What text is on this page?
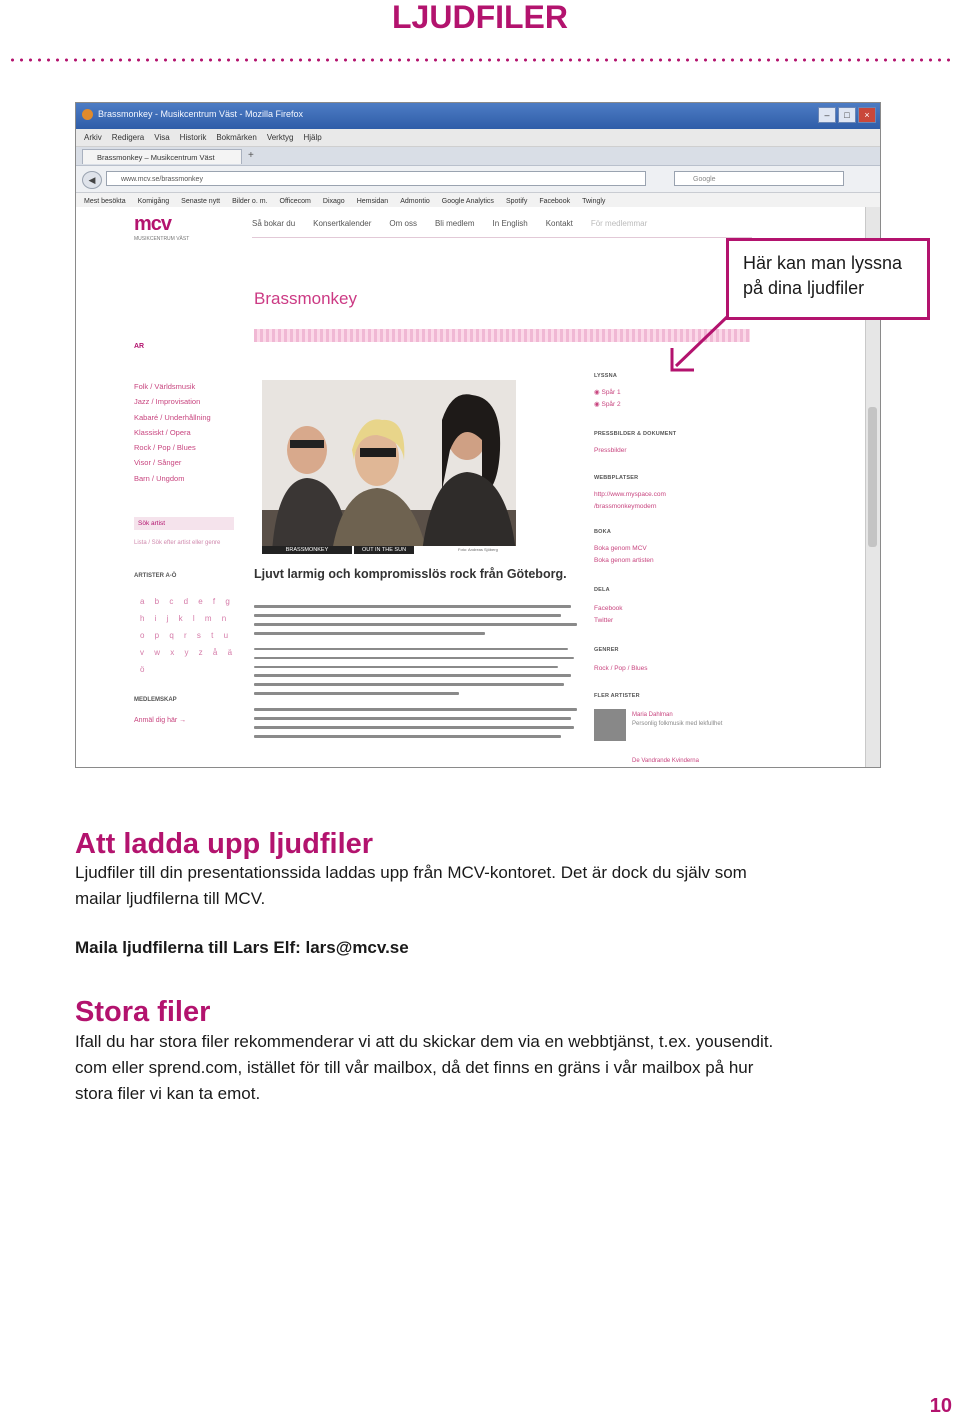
LJUDFILER
Brassmonkey - Musikcentrum Väst - Mozilla Firefox	–	□	×
Arkiv Redigera Visa Historik Bokmärken Verktyg Hjälp
Brassmonkey – Musikcentrum Väst	+
◀	www.mcv.se/brassmonkey	Google
Mest besökta Komigång Senaste nytt Bilder o. m. Officecom Dixago Hemsidan Admontio Google Analytics Spotify Facebook Twingly
mcv
MUSIKCENTRUM VÄST
Så bokar du Konsertkalender Om oss Bli medlem In English Kontakt För medlemmar
Brassmonkey
AR
Folk / Världsmusik
Jazz / Improvisation
Kabaré / Underhållning
Klassiskt / Opera
Rock / Pop / Blues
Visor / Sånger
Barn / Ungdom
Sök artist
Lista / Sök efter artist eller genre
ARTISTER A-Ö
a b c d e f g h i j k l m n o p q r s t u v w x y z å ä ö
MEDLEMSKAP
Anmäl dig här →
BRASSMONKEY	OUT IN THE SUN	Foto: Andreas Sjöberg
Ljuvt larmig och kompromisslös rock från Göteborg.
LYSSNA
◉ Spår 1
◉ Spår 2
PRESSBILDER & DOKUMENT
Pressbilder
WEBBPLATSER
http://www.myspace.com
/brassmonkeymodern
BOKA
Boka genom MCV
Boka genom artisten
DELA
Facebook
Twitter
GENRER
Rock / Pop / Blues
FLER ARTISTER
Maria Dahlman
Personlig folkmusik med lekfullhet
De Vandrande Kvinderna
Här kan man lyssna
på dina ljudfiler
Att ladda upp ljudfiler
Ljudfiler till din presentationssida laddas upp från MCV-kontoret. Det är dock du själv som
mailar ljudfilerna till MCV.
Maila ljudfilerna till Lars Elf: lars@mcv.se
Stora filer
Ifall du har stora filer rekommenderar vi att du skickar dem via en webbtjänst, t.ex. yousendit.
com eller sprend.com, istället för till vår mailbox, då det finns en gräns i vår mailbox på hur
stora filer vi kan ta emot.
10
